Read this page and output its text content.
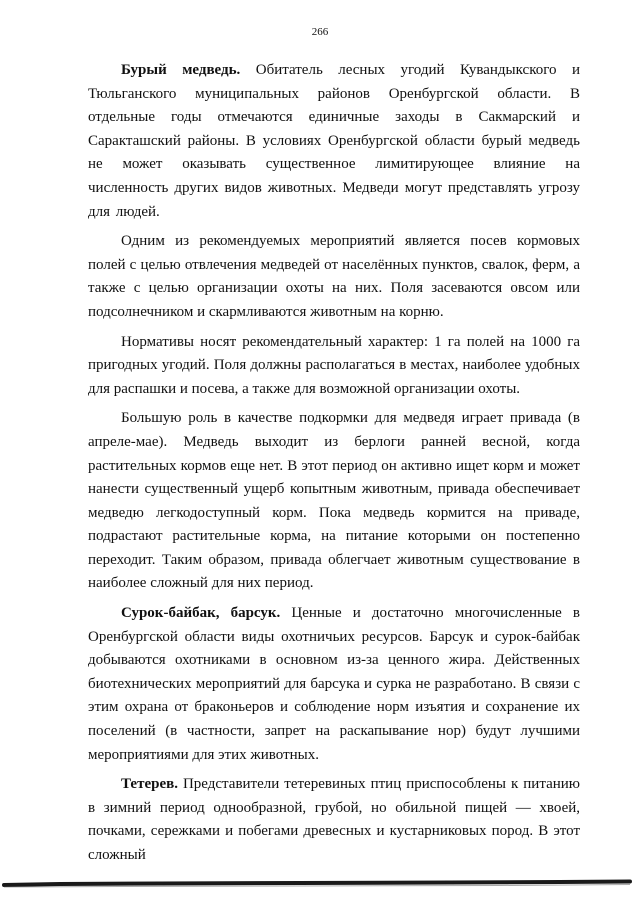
266

Бурый медведь. Обитатель лесных угодий Кувандыкского и Тюльганского муниципальных районов Оренбургской области. В отдельные годы отмечаются единичные заходы в Сакмарский и Саракташский районы. В условиях Оренбургской области бурый медведь не может оказывать существенное лимитирующее влияние на численность других видов животных. Медведи могут представлять угрозу для людей.

Одним из рекомендуемых мероприятий является посев кормовых полей с целью отвлечения медведей от населённых пунктов, свалок, ферм, а также с целью организации охоты на них. Поля засеваются овсом или подсолнечником и скармливаются животным на корню.

Нормативы носят рекомендательный характер: 1 га полей на 1000 га пригодных угодий. Поля должны располагаться в местах, наиболее удобных для распашки и посева, а также для возможной организации охоты.

Большую роль в качестве подкормки для медведя играет привада (в апреле-мае). Медведь выходит из берлоги ранней весной, когда растительных кормов еще нет. В этот период он активно ищет корм и может нанести существенный ущерб копытным животным, привада обеспечивает медведю легкодоступный корм. Пока медведь кормится на приваде, подрастают растительные корма, на питание которыми он постепенно переходит. Таким образом, привада облегчает животным существование в наиболее сложный для них период.

Сурок-байбак, барсук. Ценные и достаточно многочисленные в Оренбургской области виды охотничьих ресурсов. Барсук и сурок-байбак добываются охотниками в основном из-за ценного жира. Действенных биотехнических мероприятий для барсука и сурка не разработано. В связи с этим охрана от браконьеров и соблюдение норм изъятия и сохранение их поселений (в частности, запрет на раскапывание нор) будут лучшими мероприятиями для этих животных.

Тетерев. Представители тетеревиных птиц приспособлены к питанию в зимний период однообразной, грубой, но обильной пищей — хвоей, почками, сережками и побегами древесных и кустарниковых пород. В этот сложный
